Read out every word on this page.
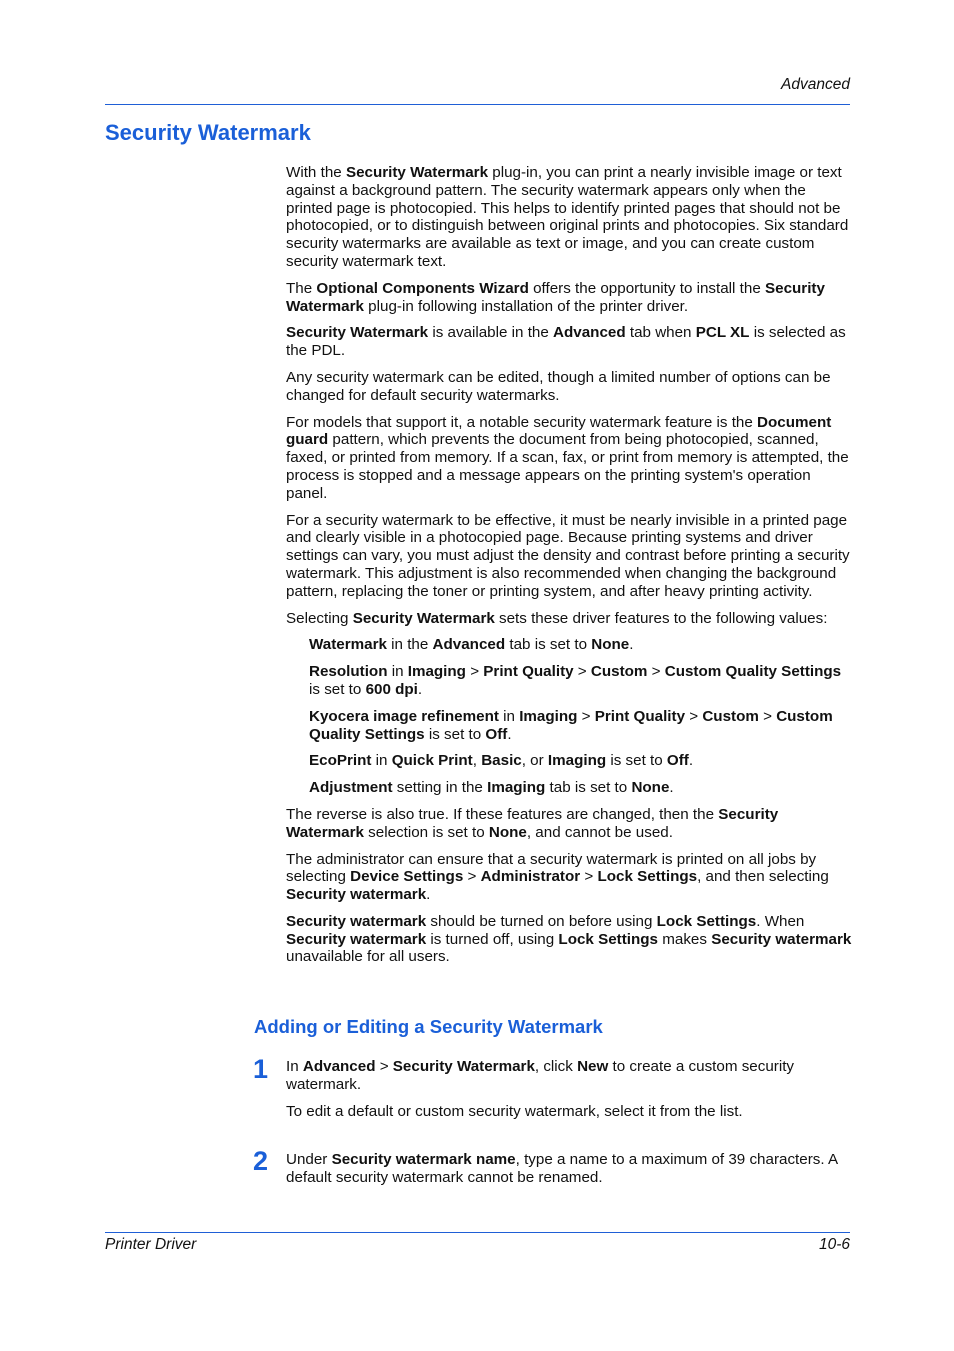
Advanced
Security Watermark

With the Security Watermark plug-in, you can print a nearly invisible image or text against a background pattern. The security watermark appears only when the printed page is photocopied. This helps to identify printed pages that should not be photocopied, or to distinguish between original prints and photocopies. Six standard security watermarks are available as text or image, and you can create custom security watermark text.

The Optional Components Wizard offers the opportunity to install the Security Watermark plug-in following installation of the printer driver.

Security Watermark is available in the Advanced tab when PCL XL is selected as the PDL.

Any security watermark can be edited, though a limited number of options can be changed for default security watermarks.

For models that support it, a notable security watermark feature is the Document guard pattern, which prevents the document from being photocopied, scanned, faxed, or printed from memory. If a scan, fax, or print from memory is attempted, the process is stopped and a message appears on the printing system's operation panel.

For a security watermark to be effective, it must be nearly invisible in a printed page and clearly visible in a photocopied page. Because printing systems and driver settings can vary, you must adjust the density and contrast before printing a security watermark. This adjustment is also recommended when changing the background pattern, replacing the toner or printing system, and after heavy printing activity.

Selecting Security Watermark sets these driver features to the following values:

Watermark in the Advanced tab is set to None.

Resolution in Imaging > Print Quality > Custom > Custom Quality Settings is set to 600 dpi.

Kyocera image refinement in Imaging > Print Quality > Custom > Custom Quality Settings is set to Off.

EcoPrint in Quick Print, Basic, or Imaging is set to Off.

Adjustment setting in the Imaging tab is set to None.

The reverse is also true. If these features are changed, then the Security Watermark selection is set to None, and cannot be used.

The administrator can ensure that a security watermark is printed on all jobs by selecting Device Settings > Administrator > Lock Settings, and then selecting Security watermark.

Security watermark should be turned on before using Lock Settings. When Security watermark is turned off, using Lock Settings makes Security watermark unavailable for all users.

Adding or Editing a Security Watermark
1 In Advanced > Security Watermark, click New to create a custom security watermark.

To edit a default or custom security watermark, select it from the list.

2 Under Security watermark name, type a name to a maximum of 39 characters. A default security watermark cannot be renamed.

Printer Driver	10-6
